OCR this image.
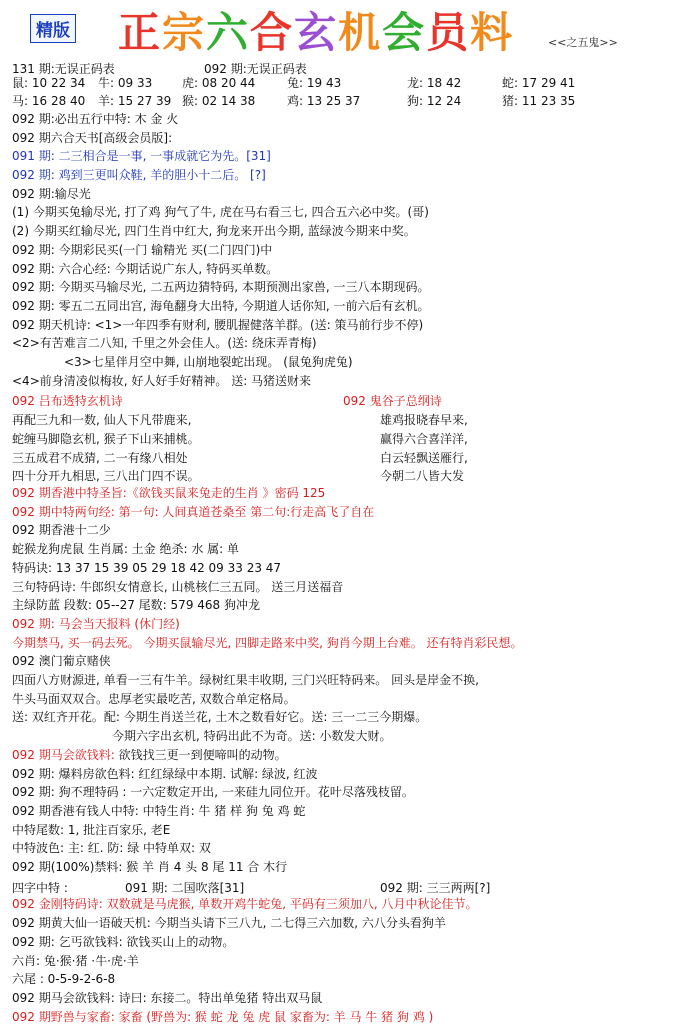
精版 正宗六合玄机会员料	<<之五鬼>>
131 期:无误正码表	092 期:无误正码表
鼠: 10 22 34 牛: 09 33 虎: 08 20 44	兔: 19 43	龙: 18 42	蛇: 17 29 41
马: 16 28 40 羊: 15 27 39 猴: 02 14 38	鸡: 13 25 37	狗: 12 24	猪: 11 23 35
092 期:必出五行中特: 木 金 火
092 期六合天书[高级会员版]:
091 期: 二三相合是一事, 一事成就它为先。[31]
092 期: 鸡到三更叫众鞋, 羊的胆小十二后。 [?]
092 期:输尽光
(1) 今期买兔输尽光, 打了鸡 狗气了牛, 虎在马右看三七, 四合五六必中奖。(哥)
(2) 今期买红输尽光, 四门生肖中红大, 狗龙来开出今期, 蓝绿波今期来中奖。
092 期: 今期彩民买(一门 输精光 买(二门四门)中
092 期: 六合心经: 今期话说广东人, 特码买单数。
092 期: 今期买马输尽光, 二五两边猜特码, 本期预测出家兽, 一三八本期现码。
092 期: 零五二五同出宫, 海龟翻身大出特, 今期道人话你知, 一前六后有玄机。
092 期天机诗: <1>一年四季有财利, 腰肌握健落羊群。(送: 策马前行步不停)
<2>有苦难言二八知, 千里之外会佳人。(送: 绕床弄青梅)
<3>七星伴月空中舞, 山崩地裂蛇出现。 (鼠兔狗虎兔)
<4>前身清凌似梅妆, 好人好手好精神。 送: 马猪送财来
092 吕布透特玄机诗	092 鬼谷子总纲诗
再配三九和一数, 仙人下凡带鹿来,	雄鸡报晓春早来,
蛇缠马脚隐玄机, 猴子下山来捕桃。	赢得六合喜洋洋,
三五成君不成猜, 二一有缘八相处	白云轻飘送雁行,
四十分开九相思, 三八出门四不误。	今朝二八皆大发
092 期香港中特圣旨:《欲钱买鼠来兔走的生肖 》密码 125
092 期中特两句经: 第一句: 人间真道苍桑至 第二句:行走高飞了自在
092 期香港十二少
蛇猴龙狗虎鼠 生肖属: 土金 绝杀: 水 属: 单
特码诀: 13 37 15 39 05 29 18 42 09 33 23 47
三句特码诗: 牛郎织女情意长, 山桃核仁三五同。 送三月送福音
主绿防蓝 段数: 05--27 尾数: 579 468 狗冲龙
092 期: 马会当天报料 (休门经)
今期禁马, 买一码去死。 今期买鼠输尽光, 四脚走路来中奖, 狗肖今期上台难。 还有特肖彩民想。
092 澳门葡京赌侠
四面八方财源进, 单看一三有牛羊。绿树红果丰收期, 三门兴旺特码来。 回头是岸金不换,
牛头马面双双合。忠厚老实最吃苦, 双数合单定格局。
送: 双红齐开花。配: 今期生肖送兰花, 土木之数看好它。送: 三一二三今期爆。
今期六字出玄机, 特码出此不为奇。送: 小数发大财。
092 期马会欲钱料: 欲钱找三更一到便啼叫的动物。
092 期: 爆料房欲色料: 红红绿绿中本期. 试解: 绿波, 红波
092 期: 狗不理特码 : 一六定数定开出, 一来硅九同位开。花叶尽落残枝留。
092 期香港有钱人中特: 中特生肖: 牛 猪 样 狗 兔 鸡 蛇
中特尾数: 1, 批注百家乐, 老E
中特波色: 主: 红. 防: 绿 中特单双: 双
092 期(100%)禁料: 猴 羊 肖 4 头 8 尾 11 合 木行
四字中特 :	091 期: 二国吹落[31]	092 期: 三三两两[?]
092 金刚特码诗: 双数就是马虎猴, 单数开鸡牛蛇兔, 平码有三须加八, 八月中秋论佳节。
092 期黄大仙一语破天机: 今期当头请下三八九, 二七得三六加数, 六八分头看狗羊
092 期: 乞丐欲钱料: 欲钱买山上的动物。
六肖: 兔·猴·猪 ·牛·虎·羊
六尾 : 0-5-9-2-6-8
092 期马会欲钱料: 诗曰: 东接二。特出单兔猪 特出双马鼠
092 期野兽与家畜: 家畜 (野兽为: 猴 蛇 龙 兔 虎 鼠 家畜为: 羊 马 牛 猪 狗 鸡 )
